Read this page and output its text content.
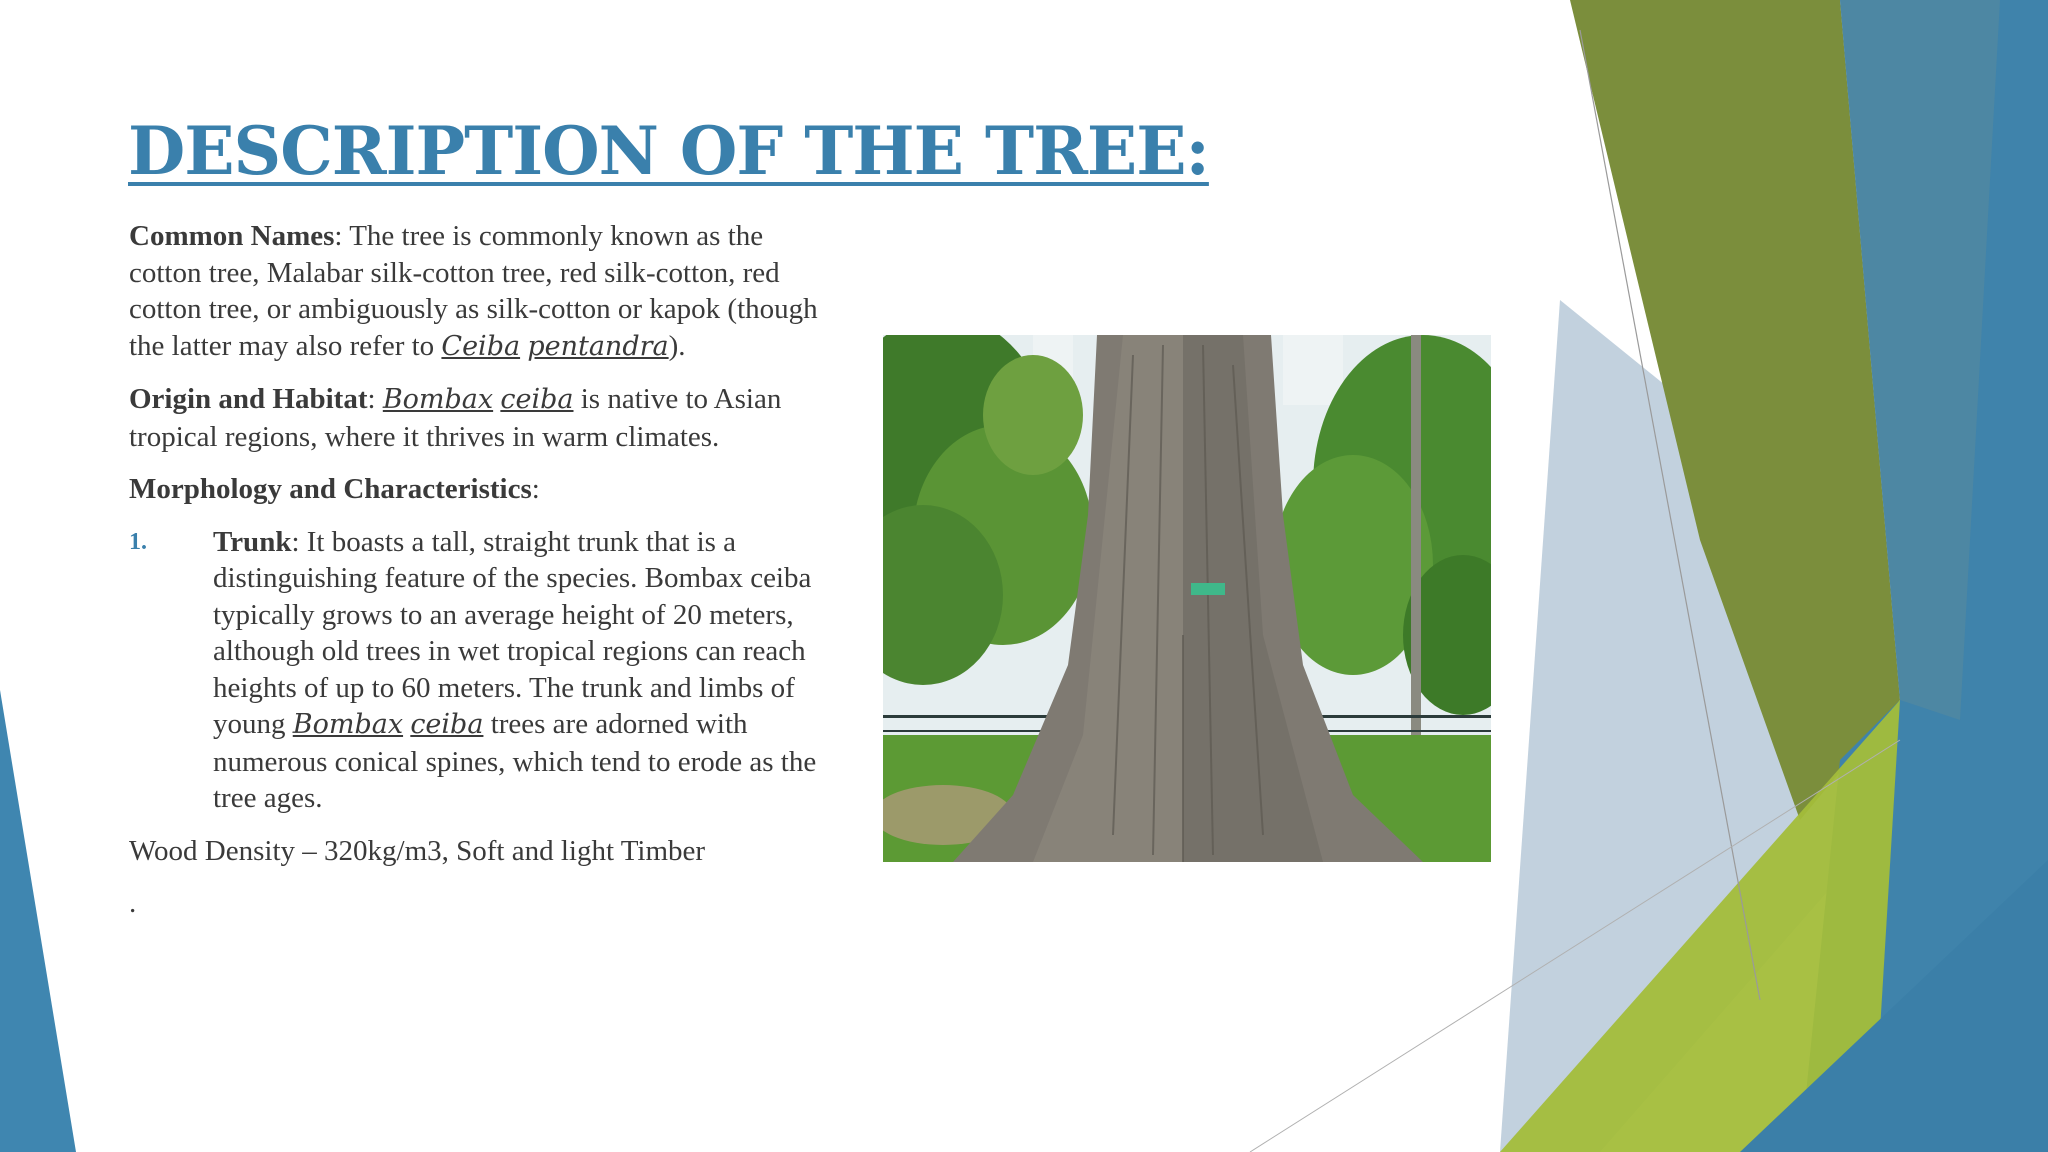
DESCRIPTION OF THE TREE:

Common Names: The tree is commonly known as the cotton tree, Malabar silk-cotton tree, red silk-cotton, red cotton tree, or ambiguously as silk-cotton or kapok (though the latter may also refer to Ceiba pentandra).

Origin and Habitat: Bombax ceiba is native to Asian tropical regions, where it thrives in warm climates.

Morphology and Characteristics:

1.	Trunk: It boasts a tall, straight trunk that is a distinguishing feature of the species. Bombax ceiba typically grows to an average height of 20 meters, although old trees in wet tropical regions can reach heights of up to 60 meters. The trunk and limbs of young Bombax ceiba trees are adorned with numerous conical spines, which tend to erode as the tree ages.

Wood Density – 320kg/m3, Soft and light Timber

.
